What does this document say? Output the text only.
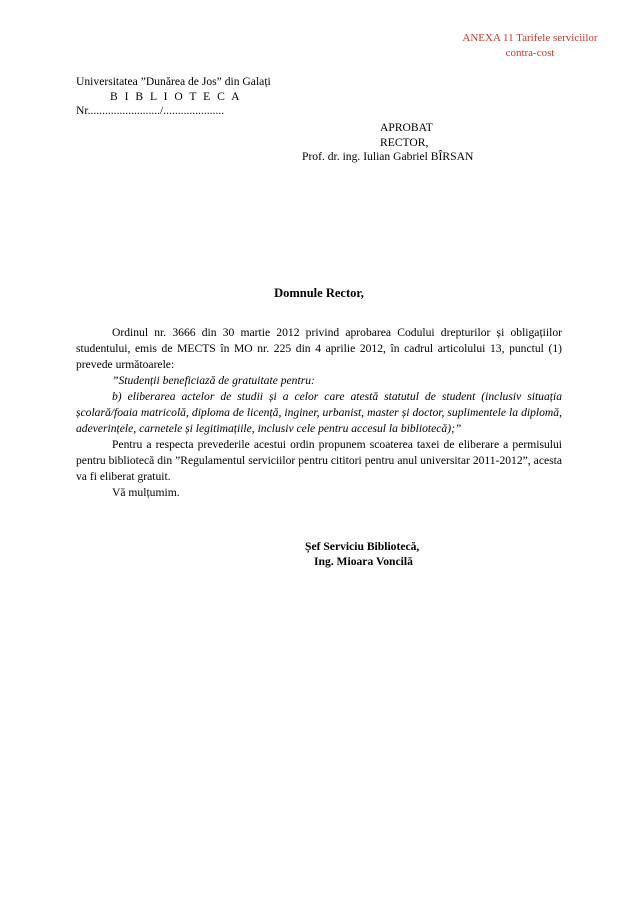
ANEXA 11 Tarifele serviciilor
contra-cost
Universitatea ”Dunărea de Jos” din Galați
B I B L I O T E C A
Nr........................./.....................
APROBAT
RECTOR,
Prof. dr. ing. Iulian Gabriel BÎRSAN
Domnule Rector,

Ordinul nr. 3666 din 30 martie 2012 privind aprobarea Codului drepturilor și obligațiilor studentului, emis de MECTS în MO nr. 225 din 4 aprilie 2012, în cadrul articolului 13, punctul (1) prevede următoarele:

”Studenții beneficiază de gratuitate pentru:

b) eliberarea actelor de studii și a celor care atestă statutul de student (inclusiv situația școlară/foaia matricolă, diploma de licență, inginer, urbanist, master și doctor, suplimentele la diplomă, adeverințele, carnetele și legitimațiile, inclusiv cele pentru accesul la bibliotecă);”

Pentru a respecta prevederile acestui ordin propunem scoaterea taxei de eliberare a permisului pentru bibliotecă din ”Regulamentul serviciilor pentru cititori pentru anul universitar 2011-2012”, acesta va fi eliberat gratuit.

Vă mulțumim.

Șef Serviciu Bibliotecă,
Ing. Mioara Voncilă
